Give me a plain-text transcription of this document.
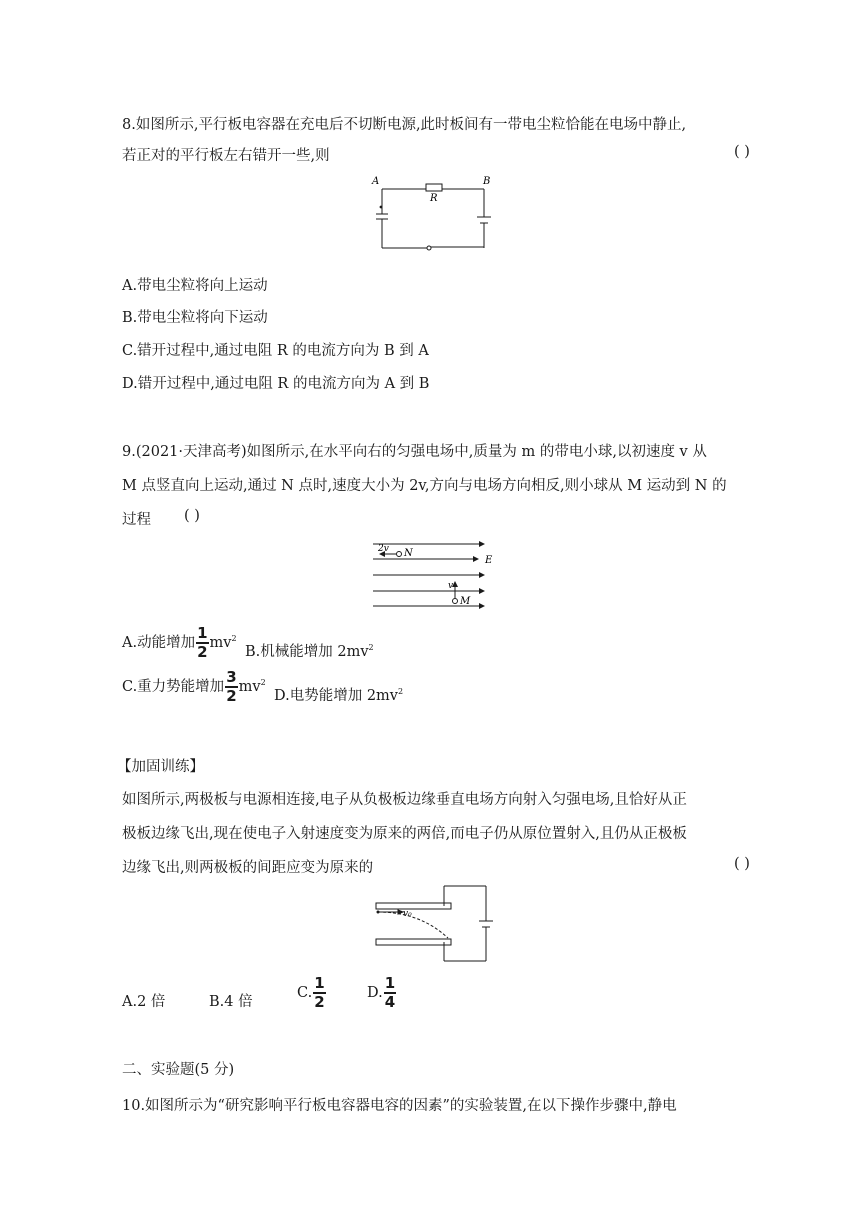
8.如图所示,平行板电容器在充电后不切断电源,此时板间有一带电尘粒恰能在电场中静止,
若正对的平行板左右错开一些,则	( )
A
R
B
A.带电尘粒将向上运动
B.带电尘粒将向下运动
C.错开过程中,通过电阻 R 的电流方向为 B 到 A
D.错开过程中,通过电阻 R 的电流方向为 A 到 B
9.(2021·天津高考)如图所示,在水平向右的匀强电场中,质量为 m 的带电小球,以初速度 v 从
M 点竖直向上运动,通过 N 点时,速度大小为 2v,方向与电场方向相反,则小球从 M 运动到 N 的
过程 ( )
2v N
E
v
M
A.动能增加 $\frac{1}{2} mv^2$
B.机械能增加 $2mv^2$
C.重力势能增加 $\frac{3}{2} mv^2$
D.电势能增加 $2mv^2$
【加固训练】
如图所示,两极板与电源相连接,电子从负极板边缘垂直电场方向射入匀强电场,且恰好从正
极板边缘飞出,现在使电子入射速度变为原来的两倍,而电子仍从原位置射入,且仍从正极板
边缘飞出,则两极板的间距应变为原来的	( )
v₀
A.2 倍	B.4 倍
C. $\frac{1}{2}$	D. $\frac{1}{4}$
二、实验题(5 分)
10.如图所示为“研究影响平行板电容器电容的因素”的实验装置,在以下操作步骤中,静电
